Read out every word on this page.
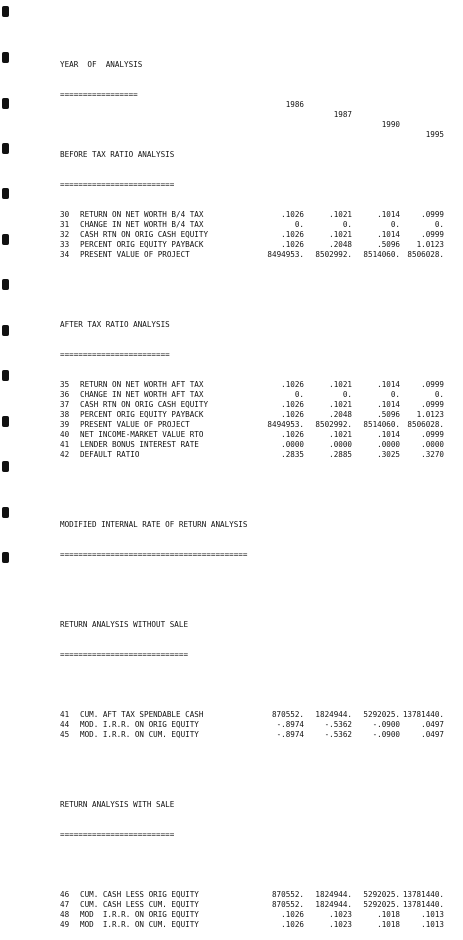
YEAR  OF  ANALYSIS

=================

1986

1987

1990

1995

BEFORE TAX RATIO ANALYSIS

=========================

30	RETURN ON NET WORTH B/4 TAX	.1026	.1021	.1014	.0999
31	CHANGE IN NET WORTH B/4 TAX	0.	0.	0.	0.
32	CASH RTN ON ORIG CASH EQUITY	.1026	.1021	.1014	.0999
33	PERCENT ORIG EQUITY PAYBACK	.1026	.2048	.5096	1.0123
34	PRESENT VALUE OF PROJECT	8494953.	8502992.	8514060. 8506028.

AFTER TAX RATIO ANALYSIS

========================

35	RETURN ON NET WORTH AFT TAX	.1026	.1021	.1014	.0999
36	CHANGE IN NET WORTH AFT TAX	0.	0.	0.	0.
37	CASH RTN ON ORIG CASH EQUITY	.1026	.1021	.1014	.0999
38	PERCENT ORIG EQUITY PAYBACK	.1026	.2048	.5096	1.0123
39	PRESENT VALUE OF PROJECT	8494953.	8502992.	8514060. 8506028.
40	NET INCOME-MARKET VALUE RTO	.1026	.1021	.1014	.0999
41	LENDER BONUS INTEREST RATE	.0000	.0000	.0000	.0000
42	DEFAULT RATIO	.2835	.2885	.3025	.3270

MODIFIED INTERNAL RATE OF RETURN ANALYSIS

=========================================

RETURN ANALYSIS WITHOUT SALE

============================

41	CUM. AFT TAX SPENDABLE CASH	870552.	1824944.	5292025. 13781440.
44	MOD. I.R.R. ON ORIG EQUITY	-.8974	-.5362	-.0900	.0497
45	MOD. I.R.R. ON CUM. EQUITY	-.8974	-.5362	-.0900	.0497

RETURN ANALYSIS WITH SALE

=========================

46	CUM. CASH LESS ORIG EQUITY	870552.	1824944.	5292025. 13781440.
47	CUM. CASH LESS CUM. EQUITY	870552.	1824944.	5292025. 13781440.
48	MOD  I.R.R. ON ORIG EQUITY	.1026	.1023	.1018	.1013
49	MOD  I.R.R. ON CUM. EQUITY	.1026	.1023	.1018	.1013
